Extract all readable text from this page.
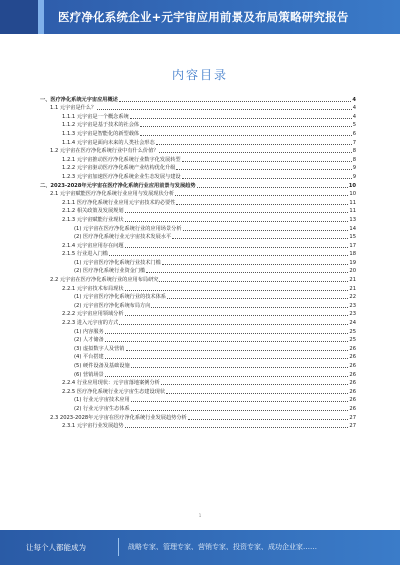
医疗净化系统企业+元宇宙应用前景及布局策略研究报告
内容目录
一、医疗净化系统元宇宙应用概述	4
1.1 元宇宙是什么？	4
1.1.1 元宇宙是一个概念系统	4
1.1.2 元宇宙是基于技术的社会体	5
1.1.3 元宇宙是智能化的新型载体	6
1.1.4 元宇宙是面向未来的人类社会形态	7
1.2 元宇宙在医疗净化系统行业中有什么价值？	8
1.2.1 元宇宙推动医疗净化系统行业数字化发展转型	8
1.2.2 元宇宙驱动医疗净化系统产业结构优化升级	9
1.2.3 元宇宙加速医疗净化系统企业生态发展与建设	9
二、2023-2028年元宇宙在医疗净化系统行业应用前景与发展趋势	10
2.1 元宇宙赋能医疗净化系统行业应用与发展现状分析	10
2.1.1 医疗净化系统行业应用元宇宙技术的必要性	11
2.1.2 相关政策及发展规划	11
2.1.3 元宇宙赋能行业现状	13
(1) 元宇宙在医疗净化系统行业的应用场景分析	14
(2) 医疗净化系统行业元宇宙技术发展水平	15
2.1.4 元宇宙应用存在问题	17
2.1.5 行业进入门槛	18
(1) 元宇宙医疗净化系统行业技术门槛	19
(2) 医疗净化系统行业资金门槛	20
2.2 元宇宙在医疗净化系统行业的应用布局研究	21
2.2.1 元宇宙技术布局现状	21
(1) 元宇宙医疗净化系统行业的技术体系	22
(2) 元宇宙医疗净化系统布局方向	23
2.2.2 元宇宙应用领域分析	23
2.2.3 进入元宇宙的方式	24
(1) 内容服务	25
(2) 人才储备	25
(3) 虚拟数字人及营销	26
(4) 平台搭建	26
(5) 硬件设备及基础设施	26
(6) 营销场景	26
2.2.4 行业应用现状：元宇宙落地案例分析	26
2.2.5 医疗净化系统行业元宇宙生态建设现状	26
(1) 行业元宇宙技术应用	26
(2) 行业元宇宙生态体系	26
2.3 2023-2028年元宇宙在医疗净化系统行业发展趋势分析	27
2.3.1 元宇宙行业发展趋势	27
1
让每个人都能成为	战略专家、管理专家、营销专家、投资专家、成功企业家……
